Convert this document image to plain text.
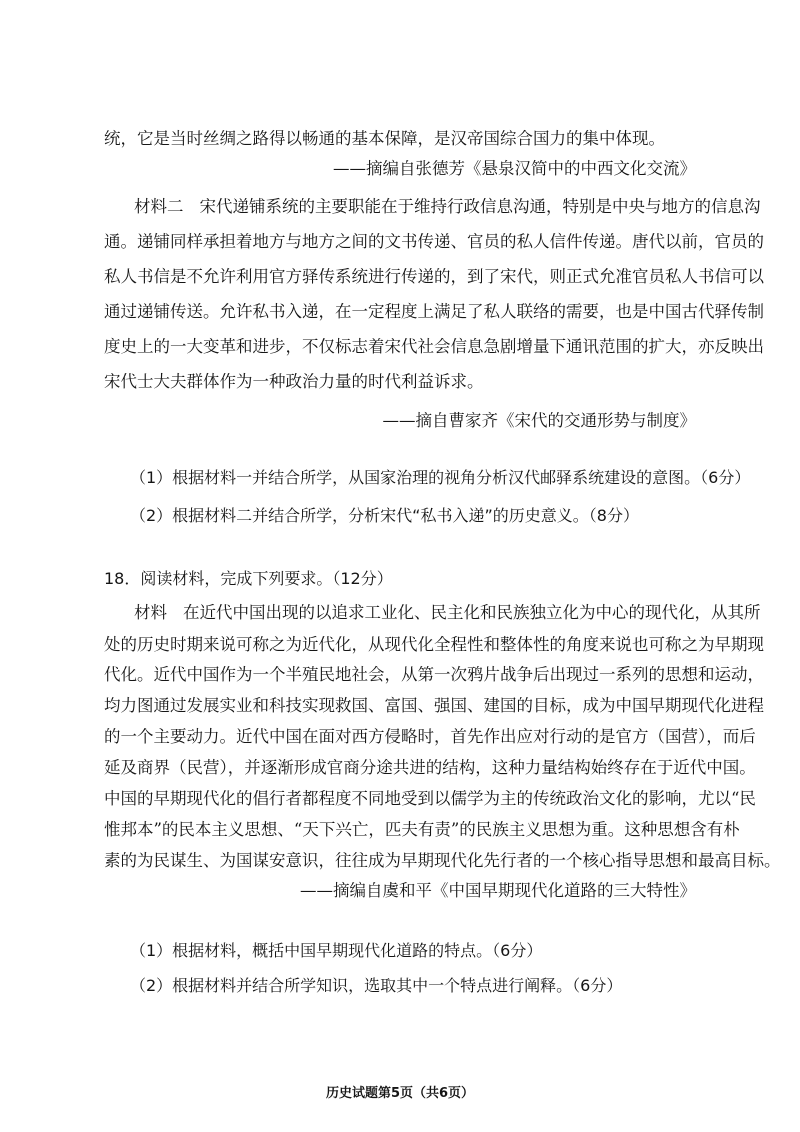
统，它是当时丝绸之路得以畅通的基本保障，是汉帝国综合国力的集中体现。
——摘编自张德芳《悬泉汉简中的中西文化交流》
材料二 宋代递铺系统的主要职能在于维持行政信息沟通，特别是中央与地方的信息沟
通。递铺同样承担着地方与地方之间的文书传递、官员的私人信件传递。唐代以前，官员的
私人书信是不允许利用官方驿传系统进行传递的，到了宋代，则正式允准官员私人书信可以
通过递铺传送。允许私书入递，在一定程度上满足了私人联络的需要，也是中国古代驿传制
度史上的一大变革和进步，不仅标志着宋代社会信息急剧增量下通讯范围的扩大，亦反映出
宋代士大夫群体作为一种政治力量的时代利益诉求。
——摘自曹家齐《宋代的交通形势与制度》
（1）根据材料一并结合所学，从国家治理的视角分析汉代邮驿系统建设的意图。（6分）
（2）根据材料二并结合所学，分析宋代“私书入递”的历史意义。（8分）
18．阅读材料，完成下列要求。（12分）
材料 在近代中国出现的以追求工业化、民主化和民族独立化为中心的现代化，从其所
处的历史时期来说可称之为近代化，从现代化全程性和整体性的角度来说也可称之为早期现
代化。近代中国作为一个半殖民地社会，从第一次鸦片战争后出现过一系列的思想和运动，
均力图通过发展实业和科技实现救国、富国、强国、建国的目标，成为中国早期现代化进程
的一个主要动力。近代中国在面对西方侵略时，首先作出应对行动的是官方（国营），而后
延及商界（民营），并逐渐形成官商分途共进的结构，这种力量结构始终存在于近代中国。
中国的早期现代化的倡行者都程度不同地受到以儒学为主的传统政治文化的影响，尤以“民
惟邦本”的民本主义思想、“天下兴亡，匹夫有责”的民族主义思想为重。这种思想含有朴
素的为民谋生、为国谋安意识，往往成为早期现代化先行者的一个核心指导思想和最高目标。
——摘编自虞和平《中国早期现代化道路的三大特性》
（1）根据材料，概括中国早期现代化道路的特点。（6分）
（2）根据材料并结合所学知识，选取其中一个特点进行阐释。（6分）
历史试题第5页（共6页）
